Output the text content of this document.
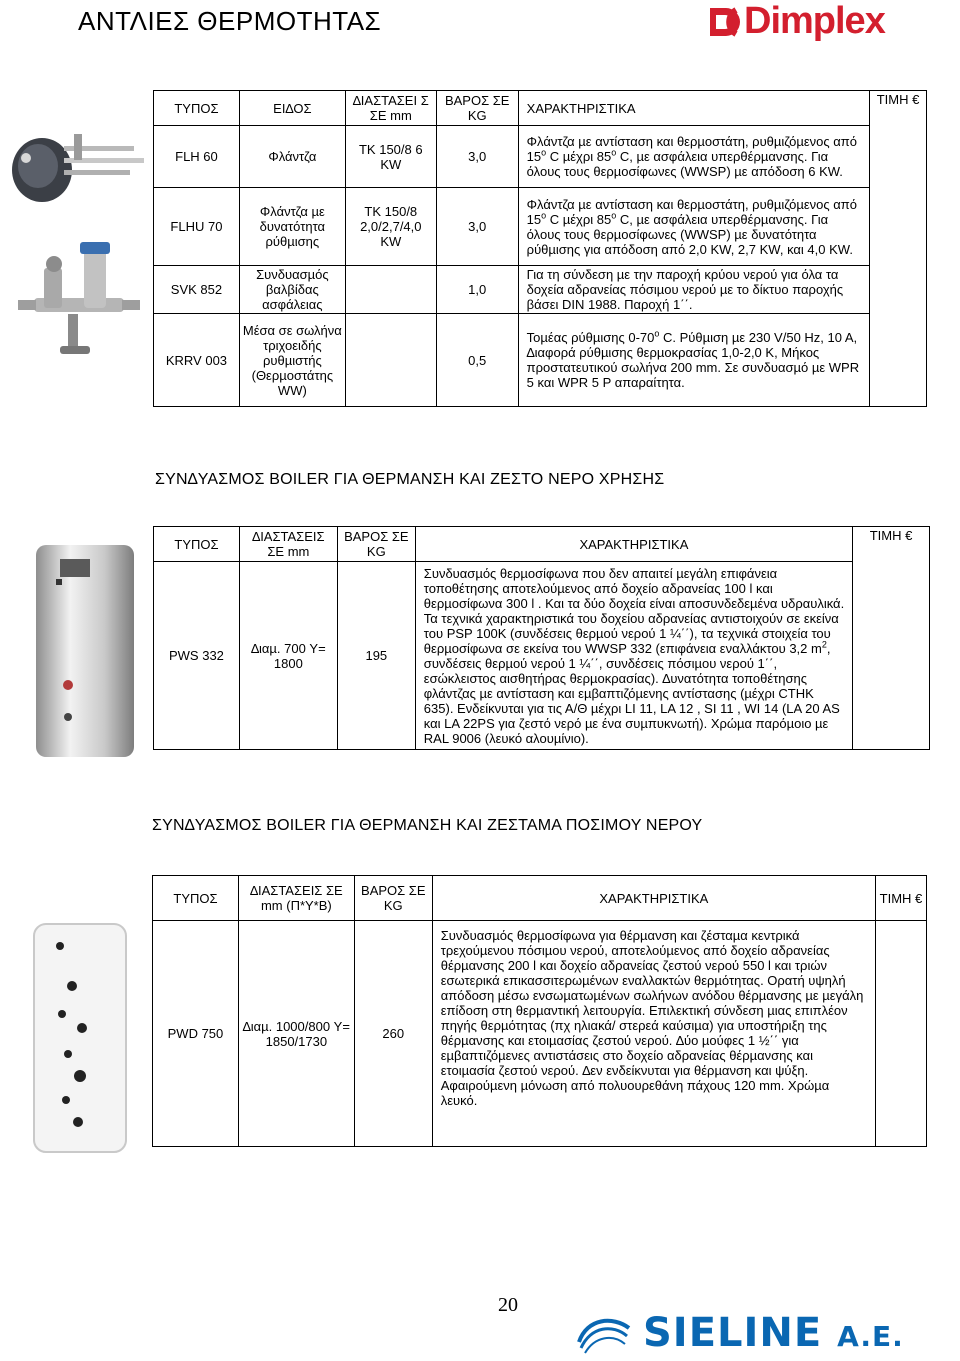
ΑΝΤΛΙΕΣ ΘΕΡΜΟΤΗΤΑΣ	Dimplex
ΤΥΠΟΣ	ΕΙ∆ΟΣ	∆ΙΑΣΤΑΣΕΙ Σ ΣΕ mm	ΒΑΡΟΣ ΣΕ KG	ΧΑΡΑΚΤΗΡΙΣΤΙΚΑ	ΤΙΜΗ €
FLH 60	Φλάντζα	TK 150/8 6 KW	3,0	Φλάντζα µε αντίσταση και θερµοστάτη, ρυθµιζόµενος από 15$^o$ C µέχρι 85$^o$ C, µε ασφάλεια υπερθέρµανσης. Για όλους τους θερµοσίφωνες (WWSP) µε απόδοση 6 KW.	
FLHU 70	Φλάντζα µε δυνατότητα ρύθµισης	TK 150/8 2,0/2,7/4,0 KW	3,0	Φλάντζα µε αντίσταση και θερµοστάτη, ρυθµιζόµενος από 15$^o$ C µέχρι 85$^o$ C, µε ασφάλεια υπερθέρµανσης. Για όλους τους θερµοσίφωνες (WWSP) µε δυνατότητα ρύθµισης για απόδοση από 2,0 KW, 2,7 KW, και 4,0 KW.	
SVK 852	Συνδυασµός βαλβίδας ασφάλειας		1,0	Για τη σύνδεση µε την παροχή κρύου νερού για όλα τα δοχεία αδρανείας πόσιµου νερού µε το δίκτυο παροχής βάσει DIN 1988. Παροχή 1΄΄.	
KRRV 003	Μέσα σε σωλήνα τριχοειδής ρυθµιστής (Θερµοστάτης WW)		0,5	Τοµέας ρύθµισης 0-70$^o$ C. Ρύθµιση µε 230 V/50 Hz, 10 A, ∆ιαφορά ρύθµισης θερµοκρασίας 1,0-2,0 K, Μήκος προστατευτικού σωλήνα 200 mm. Σε συνδυασµό µε WPR 5 και WPR 5 P απαραίτητα.	
ΣΥΝ∆ΥΑΣΜΟΣ BOILER ΓΙΑ ΘΕΡΜΑΝΣΗ ΚΑΙ ΖΕΣΤΟ ΝΕΡΟ ΧΡΗΣΗΣ
ΤΥΠΟΣ	∆ΙΑΣΤΑΣΕΙΣ ΣΕ mm	ΒΑΡΟΣ ΣΕ KG	ΧΑΡΑΚΤΗΡΙΣΤΙΚΑ	ΤΙΜΗ €
PWS 332	∆ιαµ. 700 Y= 1800	195	Συνδυασµός θερµοσίφωνα που δεν απαιτεί µεγάλη επιφάνεια τοποθέτησης αποτελούµενος από δοχείο αδρανείας 100 l και θερµοσίφωνα 300 l . Και τα δύο δοχεία είναι αποσυνδεδεµένα υδραυλικά. Τα τεχνικά χαρακτηριστικά του δοχείου αδρανείας αντιστοιχούν σε εκείνα του PSP 100K (συνδέσεις θερµού νερού 1 ¼΄΄), τα τεχνικά στοιχεία του θερµοσίφωνα σε εκείνα του WWSP 332 (επιφάνεια εναλλάκτου 3,2 $m^2$, συνδέσεις θερµού νερού 1 ¼΄΄, συνδέσεις πόσιµου νερού 1΄΄, εσώκλειστος αισθητήρας θερµοκρασίας). ∆υνατότητα τοποθέτησης φλάντζας µε αντίσταση και εµβαπτιζόµενης αντίστασης (µέχρι CTHK 635). Ενδείκνυται για τις Α/Θ µέχρι LI 11, LA 12 , SI 11 , WI 14 (LA 20 AS και LA 22PS για ζεστό νερό µε ένα συµπυκνωτή). Χρώµα παρόµοιο µε RAL 9006 (λευκό αλουµίνιο).	
ΣΥΝ∆ΥΑΣΜΟΣ BOILER ΓΙΑ ΘΕΡΜΑΝΣΗ ΚΑΙ ΖΕΣΤΑΜΑ ΠΟΣΙΜΟΥ ΝΕΡΟΥ
ΤΥΠΟΣ	∆ΙΑΣΤΑΣΕΙΣ ΣΕ mm (Π*Υ*Β)	ΒΑΡΟΣ ΣΕ KG	ΧΑΡΑΚΤΗΡΙΣΤΙΚΑ	ΤΙΜΗ €
PWD 750	∆ιαµ. 1000/800 Y= 1850/1730	260	Συνδυασµός θερµοσίφωνα για θέρµανση και ζέσταµα κεντρικά τρεχούµενου πόσιµου νερού, αποτελούµενος από δοχείο αδρανείας θέρµανσης 200 l και δοχείο αδρανείας ζεστού νερού 550 l και τριών εσωτερικά επικασσιτερωµένων εναλλακτών θερµότητας. Ορατή υψηλή απόδοση µέσω ενσωµατωµένων σωλήνων ανόδου θέρµανσης µε µεγάλη επίδοση στη θερµαντική λειτουργία. Επιλεκτική σύνδεση µιας επιπλέον πηγής θερµότητας (πχ ηλιακά/ στερεά καύσιµα) για υποστήριξη της θέρµανσης και ετοιµασίας ζεστού νερού. ∆ύο µούφες 1 ½΄΄ για εµβαπτιζόµενες αντιστάσεις στο δοχείο αδρανείας θέρµανσης και ετοιµασία ζεστού νερού. ∆εν ενδείκνυται για θέρµανση και ψύξη. Αφαιρούµενη µόνωση από πολυουρεθάνη πάχους 120 mm. Χρώµα λευκό.	
20
SIELINE A.E.
